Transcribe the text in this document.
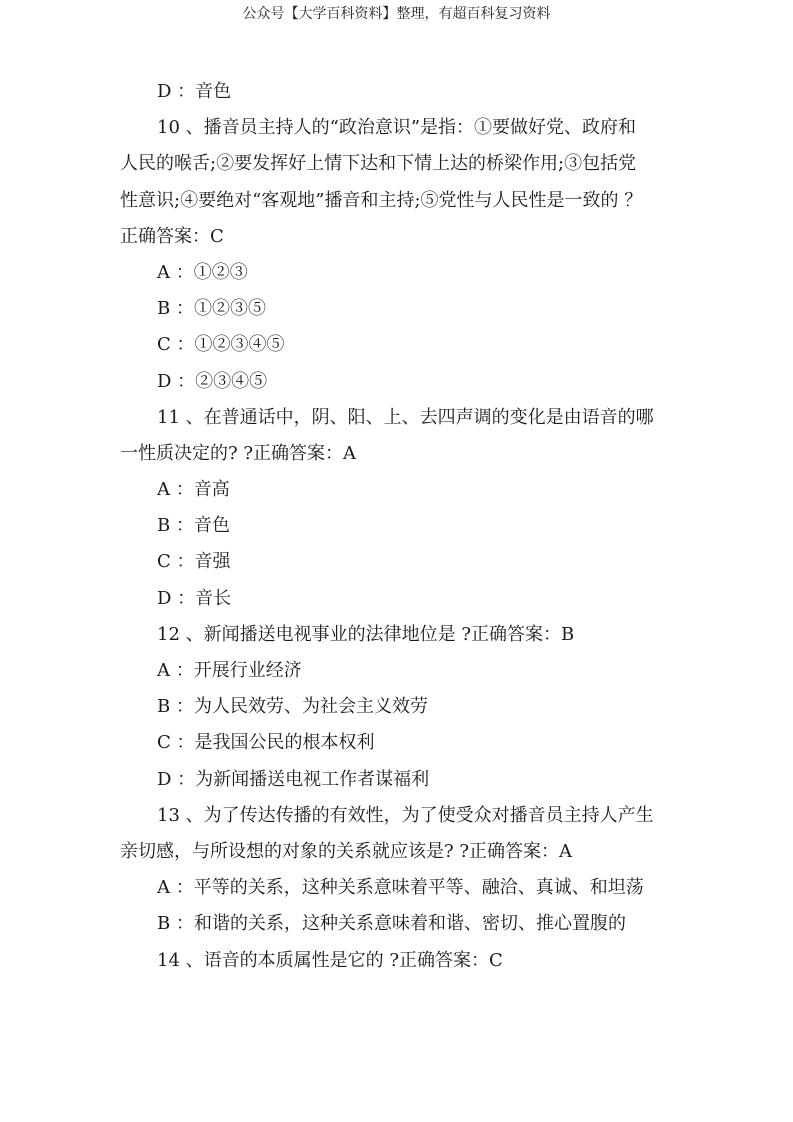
公众号【大学百科资料】整理，有超百科复习资料
D ：音色
10 、播音员主持人的“政治意识”是指：①要做好党、政府和
人民的喉舌;②要发挥好上情下达和下情上达的桥梁作用;③包括党
性意识;④要绝对“客观地”播音和主持;⑤党性与人民性是一致的 ？
正确答案：C
A ：①②③
B ：①②③⑤
C ：①②③④⑤
D ：②③④⑤
11 、在普通话中，阴、阳、上、去四声调的变化是由语音的哪
一性质决定的? ?正确答案：A
A ：音高
B ：音色
C ：音强
D ：音长
12 、新闻播送电视事业的法律地位是 ?正确答案：B
A ：开展行业经济
B ：为人民效劳、为社会主义效劳
C ：是我国公民的根本权利
D ：为新闻播送电视工作者谋福利
13 、为了传达传播的有效性，为了使受众对播音员主持人产生
亲切感，与所设想的对象的关系就应该是? ?正确答案：A
A ：平等的关系，这种关系意味着平等、融洽、真诚、和坦荡
B ：和谐的关系，这种关系意味着和谐、密切、推心置腹的
14 、语音的本质属性是它的 ?正确答案：C
